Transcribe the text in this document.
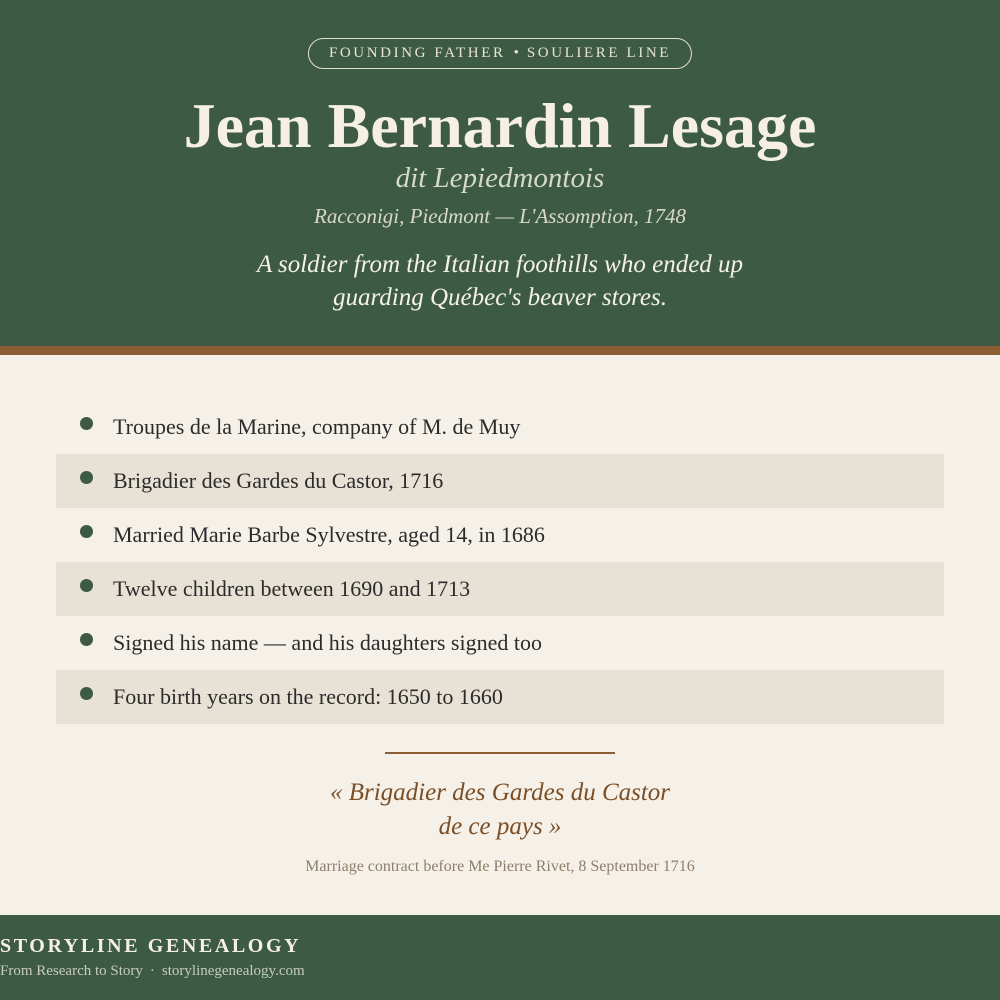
FOUNDING FATHER • SOULIERE LINE
Jean Bernardin Lesage
dit Lepiedmontois
Racconigi, Piedmont — L'Assomption, 1748
A soldier from the Italian foothills who ended up
guarding Québec's beaver stores.
Troupes de la Marine, company of M. de Muy
Brigadier des Gardes du Castor, 1716
Married Marie Barbe Sylvestre, aged 14, in 1686
Twelve children between 1690 and 1713
Signed his name — and his daughters signed too
Four birth years on the record: 1650 to 1660
« Brigadier des Gardes du Castor
de ce pays »
Marriage contract before Me Pierre Rivet, 8 September 1716
STORYLINE GENEALOGY
From Research to Story · storylinegenealogy.com
